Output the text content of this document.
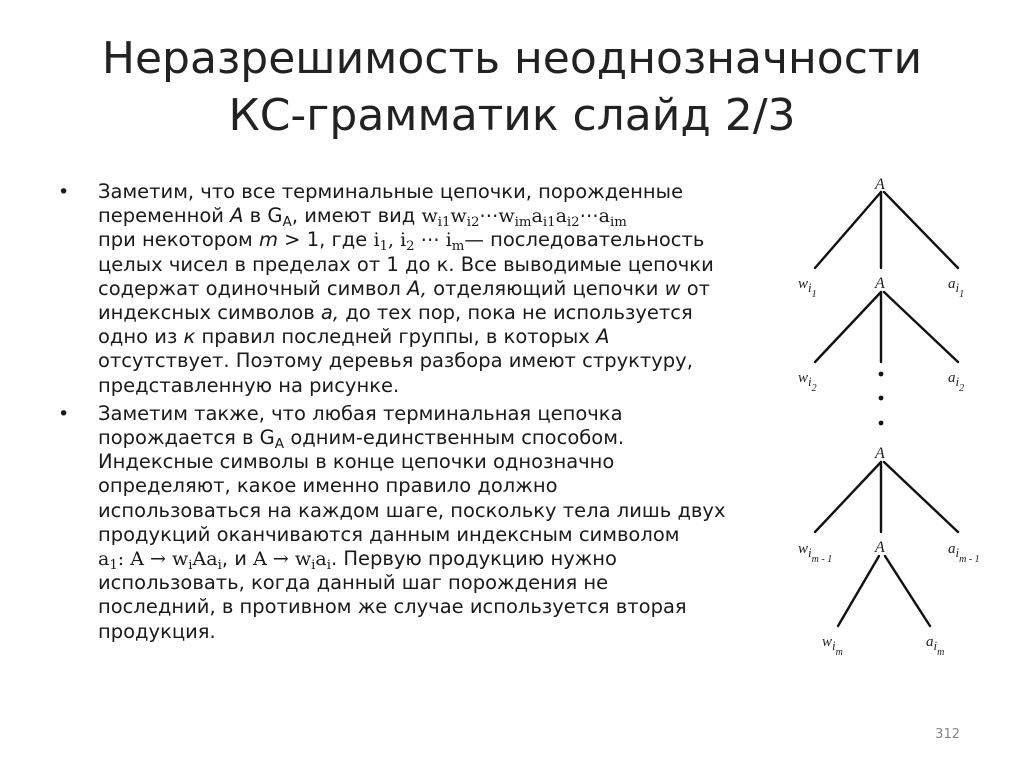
Неразрешимость неоднозначности
КС-грамматик слайд 2/3
• Заметим, что все терминальные цепочки, порожденные
переменной A в $G_A$, имеют вид $w_{i1}w_{i2}\cdots w_{im}a_{i1}a_{i2}\cdots a_{im}$
при некотором m > 1, где $i_1$, $i_2$ ⋯ $i_m—$ последовательность
целых чисел в пределах от 1 до к. Все выводимые цепочки
содержат одиночный символ A, отделяющий цепочки w от
индексных символов a, до тех пор, пока не используется
одно из к правил последней группы, в которых A
отсутствует. Поэтому деревья разбора имеют структуру,
представленную на рисунке.
• Заметим также, что любая терминальная цепочка
порождается в $G_A$ одним-единственным способом.
Индексные символы в конце цепочки однозначно
определяют, какое именно правило должно
использоваться на каждом шаге, поскольку тела лишь двух
продукций оканчиваются данным индексным символом
$a_1$: $A \to w_iAa_i$, и $A \to w_ia_i$. Первую продукцию нужно
использовать, когда данный шаг порождения не
последний, в противном же случае используется вторая
продукция.
A
A
A
A
$wi_1$
$wi_2$
$wi_{m - 1}$
$wi_m$
$ai_1$
$ai_2$
$ai_{m - 1}$
$ai_m$
312
